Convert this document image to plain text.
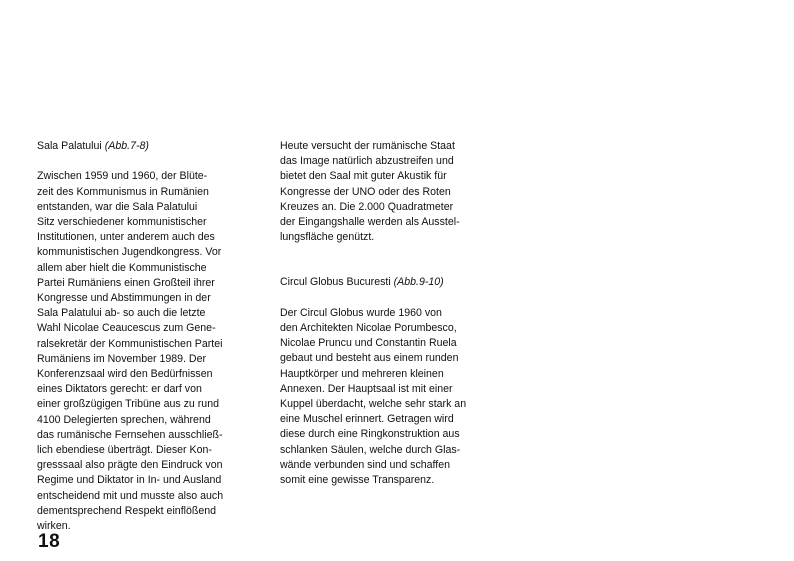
Sala Palatului (Abb.7-8)
Zwischen 1959 und 1960, der Blüte-
zeit des Kommunismus in Rumänien
entstanden, war die Sala Palatului
Sitz verschiedener kommunistischer
Institutionen, unter anderem auch des
kommunistischen Jugendkongress. Vor
allem aber hielt die Kommunistische
Partei Rumäniens einen Großteil ihrer
Kongresse und Abstimmungen in der
Sala Palatului ab- so auch die letzte
Wahl Nicolae Ceaucescus zum Gene-
ralsekretär der Kommunistischen Partei
Rumäniens im November 1989. Der
Konferenzsaal wird den Bedürfnissen
eines Diktators gerecht: er darf von
einer großzügigen Tribüne aus zu rund
4100 Delegierten sprechen, während
das rumänische Fernsehen ausschließ-
lich ebendiese überträgt. Dieser Kon-
gresssaal also prägte den Eindruck von
Regime und Diktator in In- und Ausland
entscheidend mit und musste also auch
dementsprechend Respekt einflößend
wirken.
Heute versucht der rumänische Staat
das Image natürlich abzustreifen und
bietet den Saal mit guter Akustik für
Kongresse der UNO oder des Roten
Kreuzes an. Die 2.000 Quadratmeter
der Eingangshalle werden als Ausstel-
lungsfläche genützt.
Circul Globus Bucuresti (Abb.9-10)
Der Circul Globus wurde 1960 von
den Architekten Nicolae Porumbesco,
Nicolae Pruncu und Constantin Ruela
gebaut und besteht aus einem runden
Hauptkörper und mehreren kleinen
Annexen. Der Hauptsaal ist mit einer
Kuppel überdacht, welche sehr stark an
eine Muschel erinnert. Getragen wird
diese durch eine Ringkonstruktion aus
schlanken Säulen, welche durch Glas-
wände verbunden sind und schaffen
somit eine gewisse Transparenz.
18
